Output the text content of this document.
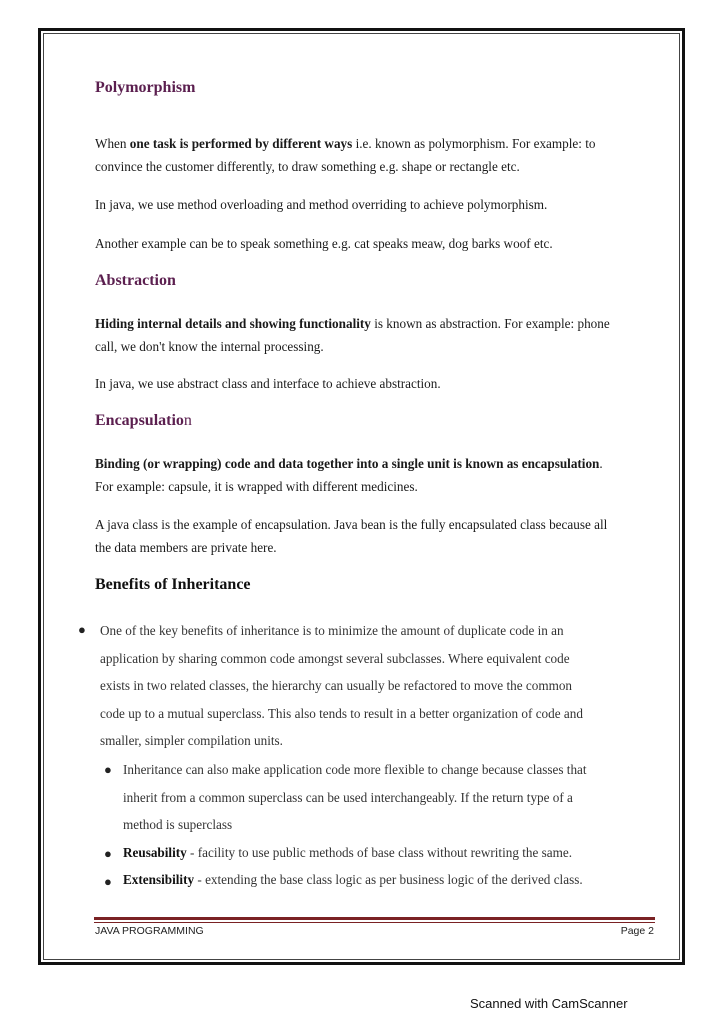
Polymorphism

When one task is performed by different ways i.e. known as polymorphism. For example: to
convince the customer differently, to draw something e.g. shape or rectangle etc.

In java, we use method overloading and method overriding to achieve polymorphism.

Another example can be to speak something e.g. cat speaks meaw, dog barks woof etc.

Abstraction

Hiding internal details and showing functionality is known as abstraction. For example: phone
call, we don't know the internal processing.

In java, we use abstract class and interface to achieve abstraction.

Encapsulation

Binding (or wrapping) code and data together into a single unit is known as encapsulation.
For example: capsule, it is wrapped with different medicines.

A java class is the example of encapsulation. Java bean is the fully encapsulated class because all
the data members are private here.

Benefits of Inheritance
● One of the key benefits of inheritance is to minimize the amount of duplicate code in an
application by sharing common code amongst several subclasses. Where equivalent code
exists in two related classes, the hierarchy can usually be refactored to move the common
code up to a mutual superclass. This also tends to result in a better organization of code and
smaller, simpler compilation units.
● Inheritance can also make application code more flexible to change because classes that
inherit from a common superclass can be used interchangeably. If the return type of a
method is superclass
● Reusability - facility to use public methods of base class without rewriting the same.
● Extensibility - extending the base class logic as per business logic of the derived class.
JAVA PROGRAMMING	Page 2
Scanned with CamScanner
